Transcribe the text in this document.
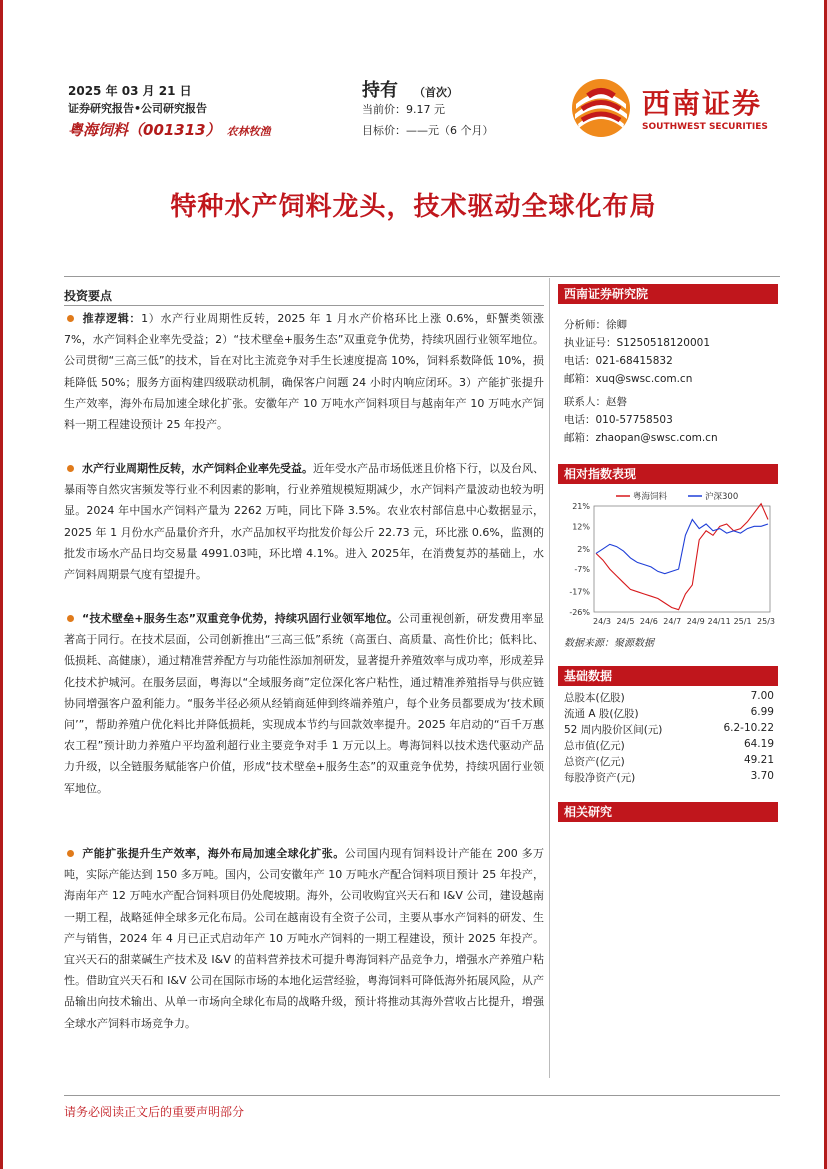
2025 年 03 月 21 日
证券研究报告•公司研究报告
粤海饲料（001313） 农林牧渔
持有 （首次）
当前价：9.17 元
目标价：——元（6 个月）
西南证券
SOUTHWEST SECURITIES
特种水产饲料龙头，技术驱动全球化布局
投资要点
推荐逻辑：1）水产行业周期性反转，2025 年 1 月水产价格环比上涨 0.6%，虾蟹类领涨 7%，水产饲料企业率先受益；2）“技术壁垒+服务生态”双重竞争优势，持续巩固行业领军地位。公司贯彻“三高三低”的技术，旨在对比主流竞争对手生长速度提高 10%，饲料系数降低 10%，损耗降低 50%；服务方面构建四级联动机制，确保客户问题 24 小时内响应闭环。3）产能扩张提升生产效率，海外布局加速全球化扩张。安徽年产 10 万吨水产饲料项目与越南年产 10 万吨水产饲料一期工程建设预计 25 年投产。
水产行业周期性反转，水产饲料企业率先受益。近年受水产品市场低迷且价格下行，以及台风、暴雨等自然灾害频发等行业不利因素的影响，行业养殖规模短期减少，水产饲料产量波动也较为明显。2024 年中国水产饲料产量为 2262 万吨，同比下降 3.5%。农业农村部信息中心数据显示，2025 年 1 月份水产品量价齐升，水产品加权平均批发价每公斤 22.73 元，环比涨 0.6%，监测的批发市场水产品日均交易量 4991.03吨，环比增 4.1%。进入 2025年，在消费复苏的基础上，水产饲料周期景气度有望提升。
“技术壁垒+服务生态”双重竞争优势，持续巩固行业领军地位。公司重视创新，研发费用率显著高于同行。在技术层面，公司创新推出“三高三低”系统（高蛋白、高质量、高性价比；低料比、低损耗、高健康），通过精准营养配方与功能性添加剂研发，显著提升养殖效率与成功率，形成差异化技术护城河。在服务层面，粤海以“全域服务商”定位深化客户粘性，通过精准养殖指导与供应链协同增强客户盈利能力。“服务半径必须从经销商延伸到终端养殖户，每个业务员都要成为‘技术顾问’”，帮助养殖户优化料比并降低损耗，实现成本节约与回款效率提升。2025 年启动的“百千万惠农工程”预计助力养殖户平均盈利超行业主要竞争对手 1 万元以上。粤海饲料以技术迭代驱动产品力升级，以全链服务赋能客户价值，形成“技术壁垒+服务生态”的双重竞争优势，持续巩固行业领军地位。
产能扩张提升生产效率，海外布局加速全球化扩张。公司国内现有饲料设计产能在 200 多万吨，实际产能达到 150 多万吨。国内，公司安徽年产 10 万吨水产配合饲料项目预计 25 年投产，海南年产 12 万吨水产配合饲料项目仍处爬坡期。海外，公司收购宜兴天石和 I&V 公司，建设越南一期工程，战略延伸全球多元化布局。公司在越南设有全资子公司，主要从事水产饲料的研发、生产与销售，2024 年 4 月已正式启动年产 10 万吨水产饲料的一期工程建设，预计 2025 年投产。宜兴天石的甜菜碱生产技术及 I&V 的苗料营养技术可提升粤海饲料产品竞争力，增强水产养殖户粘性。借助宜兴天石和 I&V 公司在国际市场的本地化运营经验，粤海饲料可降低海外拓展风险，从产品输出向技术输出、从单一市场向全球化布局的战略升级，预计将推动其海外营收占比提升，增强全球水产饲料市场竞争力。
西南证券研究院
分析师：徐卿
执业证号：S1250518120001
电话：021-68415832
邮箱：xuq@swsc.com.cn
联系人：赵磐
电话：010-57758503
邮箱：zhaopan@swsc.com.cn
相对指数表现
21%
12%
2%
-7%
-17%
-26%
24/3 24/5 24/6 24/7 24/9 24/11 25/1 25/3
粤海饲料	沪深300
数据来源：聚源数据
基础数据
总股本(亿股)	7.00
流通 A 股(亿股)	6.99
52 周内股价区间(元)	6.2-10.22
总市值(亿元)	64.19
总资产(亿元)	49.21
每股净资产(元)	3.70
相关研究
请务必阅读正文后的重要声明部分
